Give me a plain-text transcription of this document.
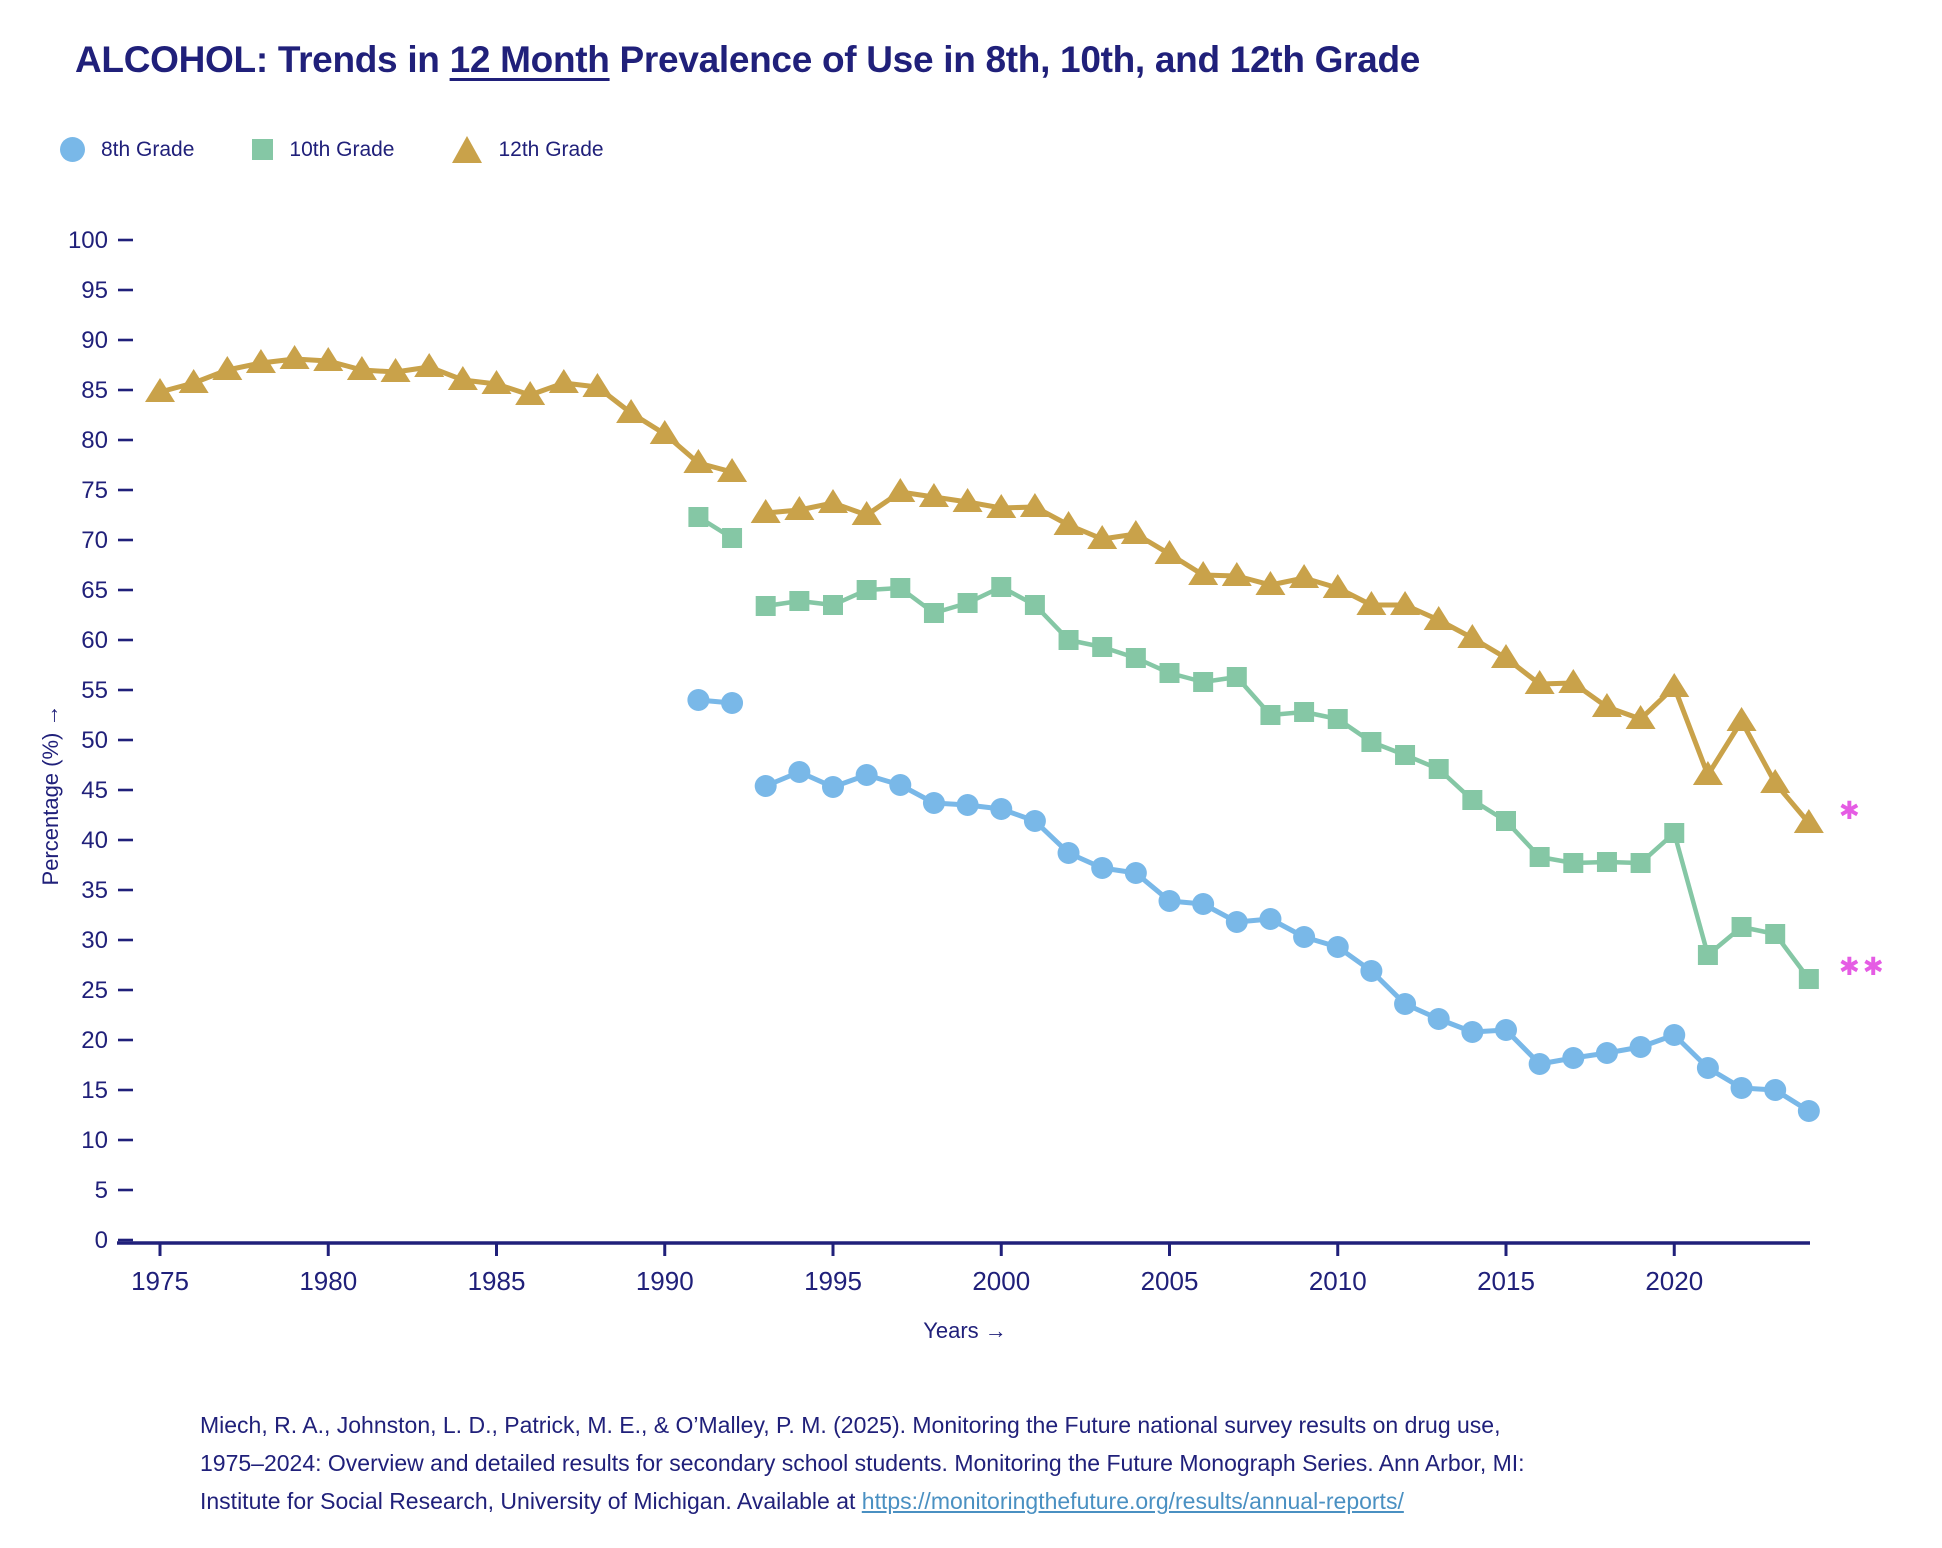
ALCOHOL: Trends in 12 Month Prevalence of Use in 8th, 10th, and 12th Grade
8th Grade	10th Grade	12th Grade
0
5
10
15
20
25
30
35
40
45
50
55
60
65
70
75
80
85
90
95
100
Percentage (%) →
1975	1980	1985	1990	1995	2000	2005	2010	2015	2020
Years →
✱✱
✱
Miech, R. A., Johnston, L. D., Patrick, M. E., & O’Malley, P. M. (2025). Monitoring the Future national survey results on drug use,
1975–2024: Overview and detailed results for secondary school students. Monitoring the Future Monograph Series. Ann Arbor, MI:
Institute for Social Research, University of Michigan. Available at https://monitoringthefuture.org/results/annual-reports/
